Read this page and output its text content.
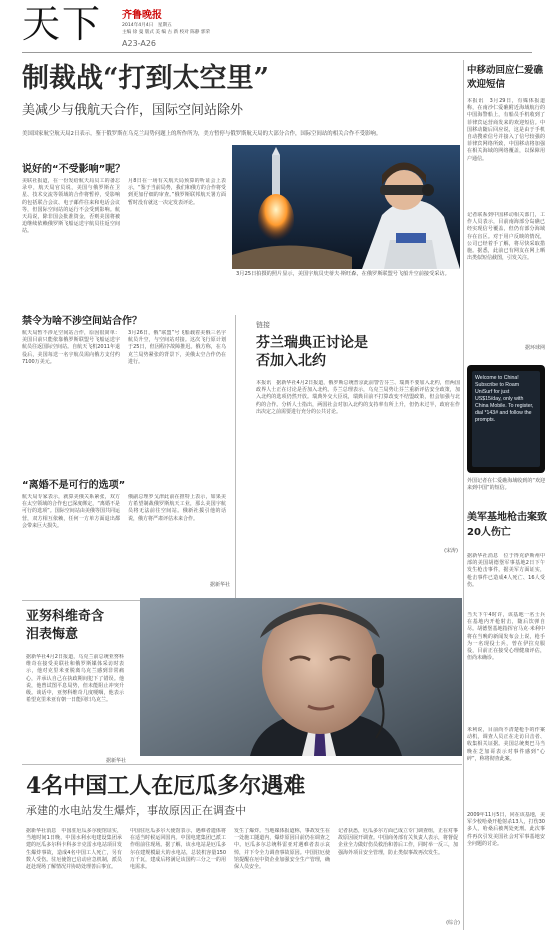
天下 齐鲁晚报
2014年4月4日　星期五
主编 徐 曼 版式 美 编 古 新 校对 陈静 郭荣
A23-A26
制裁战“打到太空里”
美减少与俄航天合作，国际空间站除外
美国国家航空航天局2日表示，鉴于俄罗斯在乌克兰局势问题上的所作所为，美方暂停与俄罗斯航天局的大部分合作，国际空间站的相关合作不受影响。
说好的“不受影响”呢？
美联社报道，在一份发给航天局员工的备忘录中，航天局官员说，美国与俄罗斯在卫星、技术交流等领域的合作将暂停，受影响的包括联合会议、电子邮件往来和电话会议等，但国际空间站的运行不会受到影响。航天局说，除非国会批准资金，否则美国将被迫继续依赖俄罗斯飞船运送宇航员往返空间站。
月8日在一场有关航天局预算的听证会上表示，“鉴于当前局势，我们和俄方的合作将受到更加仔细的审查。”俄罗斯联邦航天署方面暂时没有就这一决定发表评论。
禁令为啥不涉空间站合作？
航天局暂不涉足空间站合作，原因很简单：美国目前只能依靠俄罗斯联盟号飞船运送宇航员往返国际空间站。自航天飞机2011年退役后，美国每送一名宇航员需向俄方支付约7100万美元。
3月26日，俄“联盟”号飞船载着美俄三名宇航员升空，与空间站对接。这次飞行原计划于25日，但因程序故障推迟。俄方称，在乌克兰局势紧张的背景下，美俄太空合作仍在进行。
“离婚不是可行的选项”
航天局专家表示，就算美俄关系紧张，双方在太空领域的合作也已深度绑定，“离婚不是可行的选项”。国际空间站由美俄等国共同运营，双方相互依赖，任何一方单方面退出都会带来巨大损失。
俄副总理罗戈津此前在推特上表示，如果美方希望制裁俄罗斯航天工业，那么美国宇航员将无法前往空间站。俄新社援引他的话说，俄方将严肃评估未来合作。
据新华社
3月25日拍摄的照片显示，美国宇航员史蒂夫·斯旺森，在俄罗斯联盟号飞船升空前接受采访。
链接
芬兰瑞典正讨论是否加入北约
本报讯　据新华社4月2日报道，俄罗斯总统普京此前警告芬兰、瑞典不要加入北约，但两国政界人士正在讨论是否加入北约。芬兰总理表示，乌克兰局势让芬兰重新评估安全政策，加入北约的选项仍然开放。瑞典外交大臣说，瑞典目前不打算改变不结盟政策，但会加强与北约的合作。分析人士指出，两国社会对加入北约的支持率有所上升，但仍未过半，政府在作出决定之前需要进行充分的公共讨论。
(宋涛)
中移动回应仁爱礁欢迎短信
本报讯　3月29日，有媒体报道称，在南沙仁爱礁附近海域航行的中国海警船上，有船员手机收到了菲律宾运营商发来的欢迎短信。中国移动随后回应说，这是由于手机自动搜索信号并接入了信号较强的菲律宾网络所致，中国移动将加强在相关海域的网络覆盖，以保障用户通信。
记者联系到中国移动相关部门，工作人员表示，目前南海部分岛礁已经实现信号覆盖，但仍有部分海域存在盲区。对于用户反映的情况，公司已经着手了解，将尽快采取措施。据悉，此前已有网友在网上晒出类似短信截图，引发关注。
据环球网
Welcome to China! Subscribe to Roam UniSurf for just US$15/day, only with China Mobile. To register, dial *143# and follow the prompts.
外国记者在仁爱礁海域收到的“欢迎来到中国”的短信。
美军基地枪击案致20人伤亡
据新华社消息　位于得克萨斯州中部的美国胡德堡军事基地2日下午发生枪击事件，据美军方面证实，枪击事件已造成4人死亡、16人受伤。
当天下午4时许，该基地一名士兵在基地内开枪射击，随后饮弹自尽。胡德堡基地指挥官马克·米利中将在当晚的新闻发布会上说，枪手为一名现役士兵，曾在伊拉克服役，目前正在接受心理健康评估，但尚未确诊。
米利说，目前尚不清楚枪手的作案动机，调查人员正在走访目击者、收集相关证据。美国总统奥巴马当晚在芝加哥表示对事件感到“心碎”，称将彻查此案。
2009年11月5日，同在该基地，美军少校哈桑开枪射杀13人，打伤30多人，哈桑后被判处死刑。此次事件再次引发美国社会对军事基地安全问题的讨论。
亚努科维奇含泪表悔意
据新华社4月2日报道，乌克兰前总统亚努科维奇在接受美联社和俄罗斯媒体采访时表示，他对克里米亚脱离乌克兰感到非常痛心，并承认自己在执政期间犯下了错误。他说，他曾试图平息局势，但未能阻止冲突升级。谈话中，亚努科维奇几度哽咽，他表示希望克里米亚有朝一日能回归乌克兰。
据新华社
4名中国工人在厄瓜多尔遇难
承建的水电站发生爆炸，事故原因正在调查中
据新华社消息　中国驻厄瓜多尔使馆证实，当地时间1日晚，中国水利水电建设集团承建的厄瓜多尔科卡科多辛克雷水电站项目发生爆炸事故，造成4名中国工人死亡，另有数人受伤。驻厄使馆已启动应急机制，派员赶赴现场了解情况并协助处理善后事宜。
中国驻厄瓜多尔大使馆表示，遇难者遗体将在适当时候运回国内。中国电建集团已派工作组前往现场。据了解，该水电站是厄瓜多尔在建规模最大的水电站，总装机容量150万千瓦，建成后将满足该国约三分之一的用电需求。
发生了爆炸。当地媒体报道称，事故发生在一处施工隧道内，爆炸原因目前仍在调查之中。厄瓜多尔总统科雷亚对遇难者表示哀悼，并下令全力调查事故原因。中国驻厄使馆提醒在厄中资企业加强安全生产管理，确保人员安全。
记者获悉，厄瓜多尔方面已成立专门调查组，正在对事故原因展开调查。中国商务部有关负责人表示，将督促企业全力做好伤员救治和善后工作，同时举一反三，加强海外项目安全管理，防止类似事故再次发生。
(综合)
